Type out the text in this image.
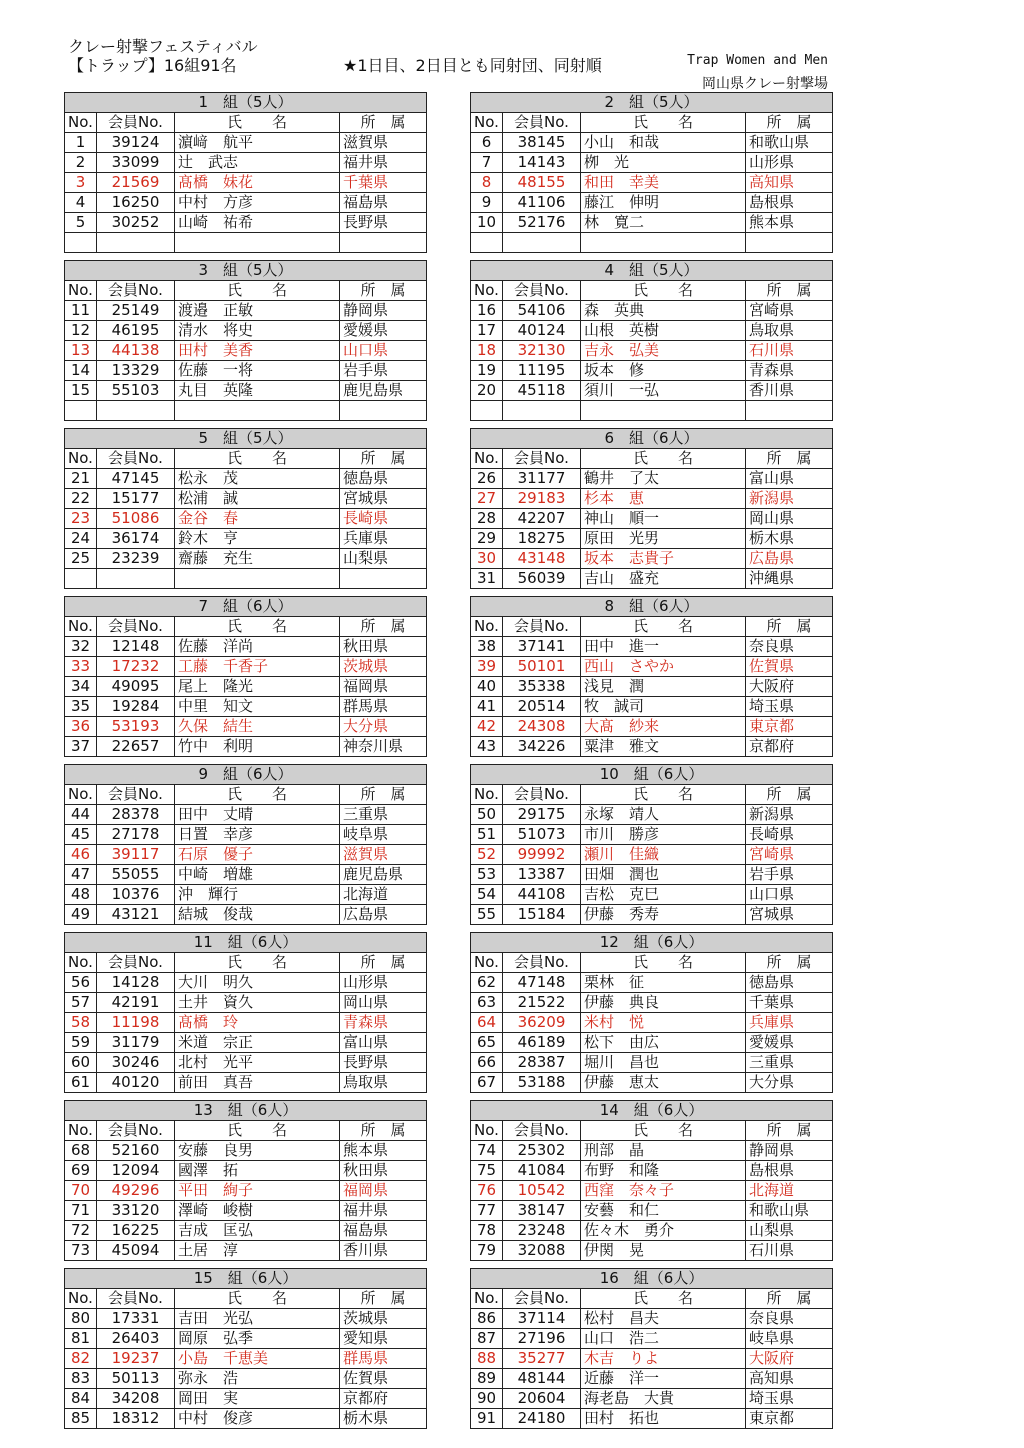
クレー射撃フェスティバル
【トラップ】16組91名	★1日目、2日目とも同射団、同射順	Trap Women and Men
岡山県クレー射撃場
1　組（5人）			
No.	会員No.	氏　　名	所　属
1	39124	濵﨑　航平	滋賀県
2	33099	辻　武志	福井県
3	21569	髙橋　妹花	千葉県
4	16250	中村　方彦	福島県
5	30252	山崎　祐希	長野県

2　組（5人）			
No.	会員No.	氏　　名	所　属
6	38145	小山　和哉	和歌山県
7	14143	栁　光	山形県
8	48155	和田　幸美	高知県
9	41106	藤江　伸明	島根県
10	52176	林　寛二	熊本県

3　組（5人）			
No.	会員No.	氏　　名	所　属
11	25149	渡邉　正敏	静岡県
12	46195	清水　将史	愛媛県
13	44138	田村　美香	山口県
14	13329	佐藤　一将	岩手県
15	55103	丸目　英隆	鹿児島県

4　組（5人）			
No.	会員No.	氏　　名	所　属
16	54106	森　英典	宮崎県
17	40124	山根　英樹	鳥取県
18	32130	吉永　弘美	石川県
19	11195	坂本　修	青森県
20	45118	須川　一弘	香川県

5　組（5人）			
No.	会員No.	氏　　名	所　属
21	47145	松永　茂	徳島県
22	15177	松浦　誠	宮城県
23	51086	金谷　春	長崎県
24	36174	鈴木　亨	兵庫県
25	23239	齋藤　充生	山梨県

6　組（6人）			
No.	会員No.	氏　　名	所　属
26	31177	鶴井　了太	富山県
27	29183	杉本　恵	新潟県
28	42207	神山　順一	岡山県
29	18275	原田　光男	栃木県
30	43148	坂本　志貴子	広島県
31	56039	吉山　盛充	沖縄県
7　組（6人）			
No.	会員No.	氏　　名	所　属
32	12148	佐藤　洋尚	秋田県
33	17232	工藤　千香子	茨城県
34	49095	尾上　隆光	福岡県
35	19284	中里　知文	群馬県
36	53193	久保　結生	大分県
37	22657	竹中　利明	神奈川県
8　組（6人）			
No.	会員No.	氏　　名	所　属
38	37141	田中　進一	奈良県
39	50101	西山　さやか	佐賀県
40	35338	浅見　潤	大阪府
41	20514	牧　誠司	埼玉県
42	24308	大髙　紗来	東京都
43	34226	粟津　雅文	京都府
9　組（6人）			
No.	会員No.	氏　　名	所　属
44	28378	田中　丈晴	三重県
45	27178	日置　幸彦	岐阜県
46	39117	石原　優子	滋賀県
47	55055	中崎　増雄	鹿児島県
48	10376	沖　輝行	北海道
49	43121	結城　俊哉	広島県
10　組（6人）			
No.	会員No.	氏　　名	所　属
50	29175	永塚　靖人	新潟県
51	51073	市川　勝彦	長崎県
52	99992	瀬川　佳織	宮崎県
53	13387	田畑　潤也	岩手県
54	44108	吉松　克巳	山口県
55	15184	伊藤　秀寿	宮城県
11　組（6人）			
No.	会員No.	氏　　名	所　属
56	14128	大川　明久	山形県
57	42191	土井　資久	岡山県
58	11198	髙橋　玲	青森県
59	31179	米道　宗正	富山県
60	30246	北村　光平	長野県
61	40120	前田　真吾	鳥取県
12　組（6人）			
No.	会員No.	氏　　名	所　属
62	47148	栗林　征	徳島県
63	21522	伊藤　典良	千葉県
64	36209	米村　悦	兵庫県
65	46189	松下　由広	愛媛県
66	28387	堀川　昌也	三重県
67	53188	伊藤　恵太	大分県
13　組（6人）			
No.	会員No.	氏　　名	所　属
68	52160	安藤　良男	熊本県
69	12094	國澤　拓	秋田県
70	49296	平田　絢子	福岡県
71	33120	澤崎　峻樹	福井県
72	16225	吉成　匡弘	福島県
73	45094	土居　淳	香川県
14　組（6人）			
No.	会員No.	氏　　名	所　属
74	25302	刑部　晶	静岡県
75	41084	布野　和隆	島根県
76	10542	西窪　奈々子	北海道
77	38147	安藝　和仁	和歌山県
78	23248	佐々木　勇介	山梨県
79	32088	伊関　晃	石川県
15　組（6人）			
No.	会員No.	氏　　名	所　属
80	17331	吉田　光弘	茨城県
81	26403	岡原　弘季	愛知県
82	19237	小島　千恵美	群馬県
83	50113	弥永　浩	佐賀県
84	34208	岡田　実	京都府
85	18312	中村　俊彦	栃木県
16　組（6人）			
No.	会員No.	氏　　名	所　属
86	37114	松村　昌夫	奈良県
87	27196	山口　浩二	岐阜県
88	35277	木吉　りよ	大阪府
89	48144	近藤　洋一	高知県
90	20604	海老島　大貴	埼玉県
91	24180	田村　拓也	東京都
